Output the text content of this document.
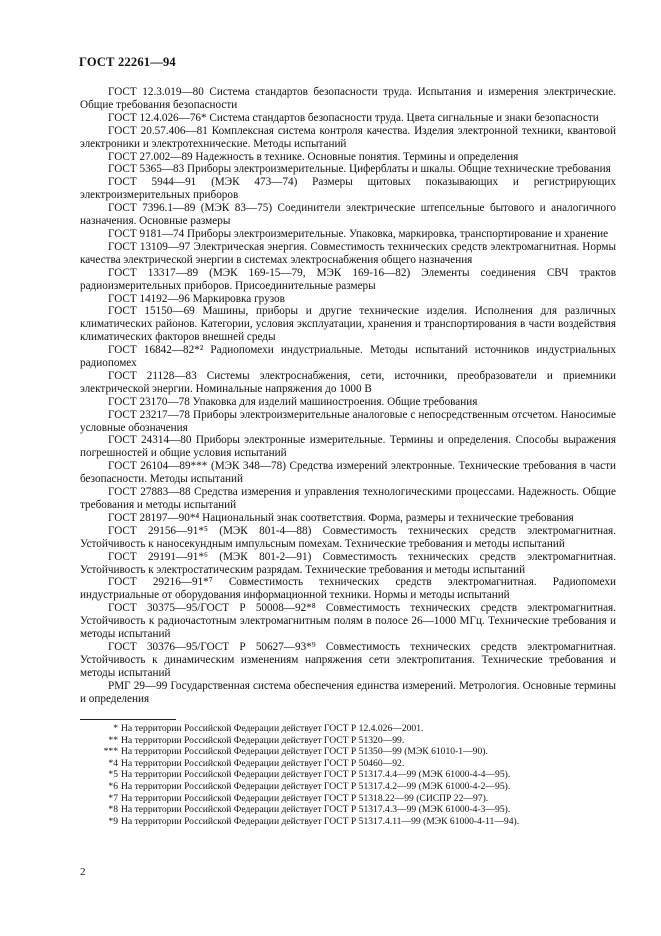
ГОСТ 22261—94

ГОСТ 12.3.019—80 Система стандартов безопасности труда. Испытания и измерения электрические. Общие требования безопасности

ГОСТ 12.4.026—76* Система стандартов безопасности труда. Цвета сигнальные и знаки безопасности

ГОСТ 20.57.406—81 Комплексная система контроля качества. Изделия электронной техники, квантовой электроники и электротехнические. Методы испытаний

ГОСТ 27.002—89 Надежность в технике. Основные понятия. Термины и определения

ГОСТ 5365—83 Приборы электроизмерительные. Циферблаты и шкалы. Общие технические требования

ГОСТ 5944—91 (МЭК 473—74) Размеры щитовых показывающих и регистрирующих электроизмерительных приборов

ГОСТ 7396.1—89 (МЭК 83—75) Соединители электрические штепсельные бытового и аналогичного назначения. Основные размеры

ГОСТ 9181—74 Приборы электроизмерительные. Упаковка, маркировка, транспортирование и хранение

ГОСТ 13109—97 Электрическая энергия. Совместимость технических средств электромагнитная. Нормы качества электрической энергии в системах электроснабжения общего назначения

ГОСТ 13317—89 (МЭК 169-15—79, МЭК 169-16—82) Элементы соединения СВЧ трактов радиоизмерительных приборов. Присоединительные размеры

ГОСТ 14192—96 Маркировка грузов

ГОСТ 15150—69 Машины, приборы и другие технические изделия. Исполнения для различных климатических районов. Категории, условия эксплуатации, хранения и транспортирования в части воздействия климатических факторов внешней среды

ГОСТ 16842—82*² Радиопомехи индустриальные. Методы испытаний источников индустриальных радиопомех

ГОСТ 21128—83 Системы электроснабжения, сети, источники, преобразователи и приемники электрической энергии. Номинальные напряжения до 1000 В

ГОСТ 23170—78 Упаковка для изделий машиностроения. Общие требования

ГОСТ 23217—78 Приборы электроизмерительные аналоговые с непосредственным отсчетом. Наносимые условные обозначения

ГОСТ 24314—80 Приборы электронные измерительные. Термины и определения. Способы выражения погрешностей и общие условия испытаний

ГОСТ 26104—89*** (МЭК 348—78) Средства измерений электронные. Технические требования в части безопасности. Методы испытаний

ГОСТ 27883—88 Средства измерения и управления технологическими процессами. Надежность. Общие требования и методы испытаний

ГОСТ 28197—90*⁴ Национальный знак соответствия. Форма, размеры и технические требования

ГОСТ 29156—91*⁵ (МЭК 801-4—88) Совместимость технических средств электромагнитная. Устойчивость к наносекундным импульсным помехам. Технические требования и методы испытаний

ГОСТ 29191—91*⁶ (МЭК 801-2—91) Совместимость технических средств электромагнитная. Устойчивость к электростатическим разрядам. Технические требования и методы испытаний

ГОСТ 29216—91*⁷ Совместимость технических средств электромагнитная. Радиопомехи индустриальные от оборудования информационной техники. Нормы и методы испытаний

ГОСТ 30375—95/ГОСТ Р 50008—92*⁸ Совместимость технических средств электромагнитная. Устойчивость к радиочастотным электромагнитным полям в полосе 26—1000 МГц. Технические требования и методы испытаний

ГОСТ 30376—95/ГОСТ Р 50627—93*⁹ Совместимость технических средств электромагнитная. Устойчивость к динамическим изменениям напряжения сети электропитания. Технические требования и методы испытаний

РМГ 29—99 Государственная система обеспечения единства измерений. Метрология. Основные термины и определения

* На территории Российской Федерации действует ГОСТ Р 12.4.026—2001.

** На территории Российской Федерации действует ГОСТ Р 51320—99.

*** На территории Российской Федерации действует ГОСТ Р 51350—99 (МЭК 61010-1—90).

*4 На территории Российской Федерации действует ГОСТ Р 50460—92.

*5 На территории Российской Федерации действует ГОСТ Р 51317.4.4—99 (МЭК 61000-4-4—95).

*6 На территории Российской Федерации действует ГОСТ Р 51317.4.2—99 (МЭК 61000-4-2—95).

*7 На территории Российской Федерации действует ГОСТ Р 51318.22—99 (СИСПР 22—97).

*8 На территории Российской Федерации действует ГОСТ Р 51317.4.3—99 (МЭК 61000-4-3—95).

*9 На территории Российской Федерации действует ГОСТ Р 51317.4.11—99 (МЭК 61000-4-11—94).

2
